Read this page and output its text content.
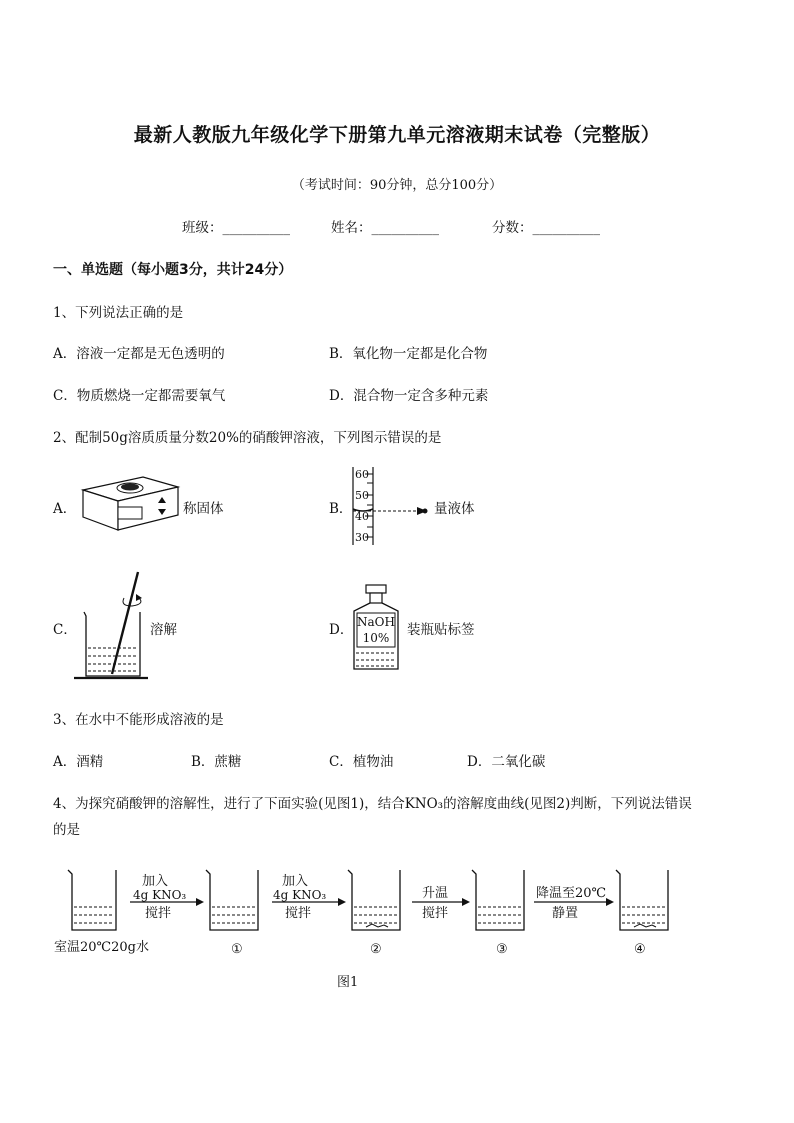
最新人教版九年级化学下册第九单元溶液期末试卷（完整版）
（考试时间：90分钟，总分100分）
班级：__________	姓名：__________	分数：__________
一、单选题（每小题3分，共计24分）
1、下列说法正确的是
A．溶液一定都是无色透明的	B．氧化物一定都是化合物
C．物质燃烧一定都需要氧气	D．混合物一定含多种元素
2、配制50g溶质质量分数20%的硝酸钾溶液，下列图示错误的是
A．	称固体	B．
60
50
40
30
量液体
C．	溶解	D． NaOH
10% 装瓶贴标签
3、在水中不能形成溶液的是
A．酒精	B．蔗糖	C．植物油	D．二氧化碳
4、为探究硝酸钾的溶解性，进行了下面实验(见图1)，结合KNO₃的溶解度曲线(见图2)判断，下列说法错误
的是
加入
4g KNO₃
搅拌
加入
4g KNO₃
搅拌
升温
搅拌
降温至20℃
静置
室温20℃20g水	①	②	③	④
图1
